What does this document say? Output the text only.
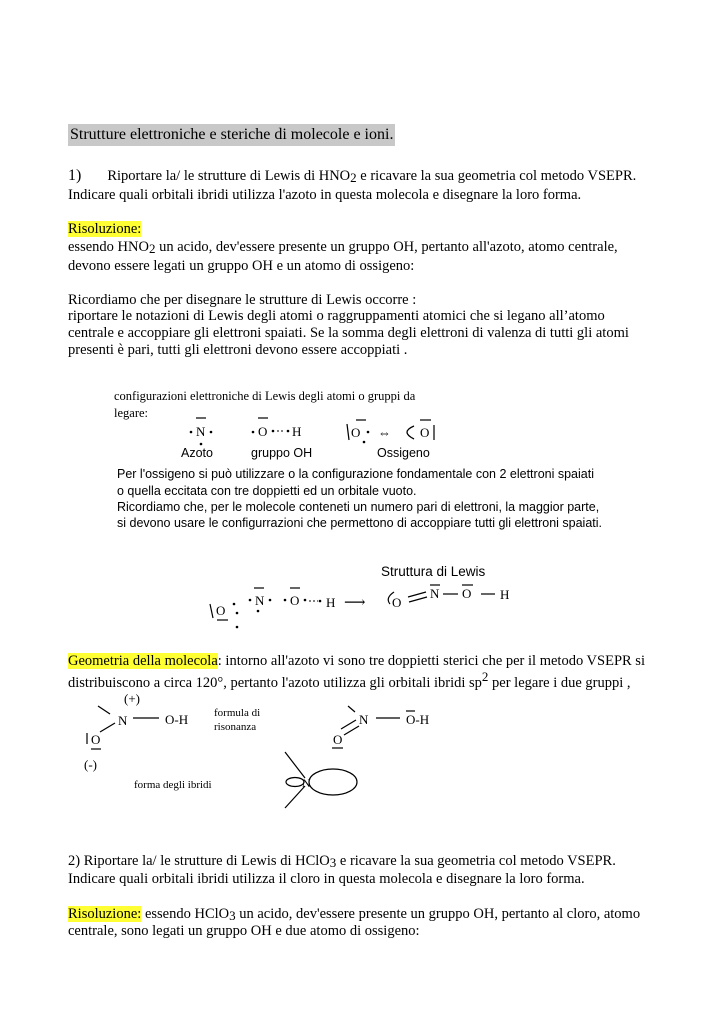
Strutture elettroniche e steriche di molecole e ioni.
1) Riportare la/ le strutture di Lewis di $HNO_2$ e ricavare la sua geometria col metodo VSEPR.
Indicare quali orbitali ibridi utilizza l'azoto in questa molecola e disegnare la loro forma.
Risoluzione:
essendo $HNO_2$ un acido, dev'essere presente un gruppo OH, pertanto all'azoto, atomo centrale,
devono essere legati un gruppo OH e un atomo di ossigeno:
Ricordiamo che per disegnare le strutture di Lewis occorre :
riportare le notazioni di Lewis degli atomi o raggruppamenti atomici che si legano all’atomo
centrale e accoppiare gli elettroni spaiati. Se la somma degli elettroni di valenza di tutti gli atomi
presenti è pari, tutti gli elettroni devono essere accoppiati .
configurazioni elettroniche di Lewis degli atomi o gruppi da
legare:
N	O H	O ⇔ O
Azoto	gruppo OH	Ossigeno
Per l'ossigeno si può utilizzare o la configurazione fondamentale con 2 elettroni spaiati
o quella eccitata con tre doppietti ed un orbitale vuoto.
Ricordiamo che, per le molecole conteneti un numero pari di elettroni, la maggior parte,
si devono usare le configurrazioni che permettono di accoppiare tutti gli elettroni spaiati.
Struttura di Lewis
O
N O H ⟶ O
N O H
Geometria della molecola: intorno all'azoto vi sono tre doppietti sterici che per il metodo VSEPR si
distribuiscono a circa 120°, pertanto l'azoto utilizza gli orbitali ibridi $sp^2$ per legare i due gruppi ,
(+)
N	O-H
O
(-)
formula di
risonanza	N	O-H
O
forma degli ibridi	N
2) Riportare la/ le strutture di Lewis di HClO$_3$ e ricavare la sua geometria col metodo VSEPR.
Indicare quali orbitali ibridi utilizza il cloro in questa molecola e disegnare la loro forma.
Risoluzione: essendo HClO$_3$ un acido, dev'essere presente un gruppo OH, pertanto al cloro, atomo
centrale, sono legati un gruppo OH e due atomo di ossigeno:
